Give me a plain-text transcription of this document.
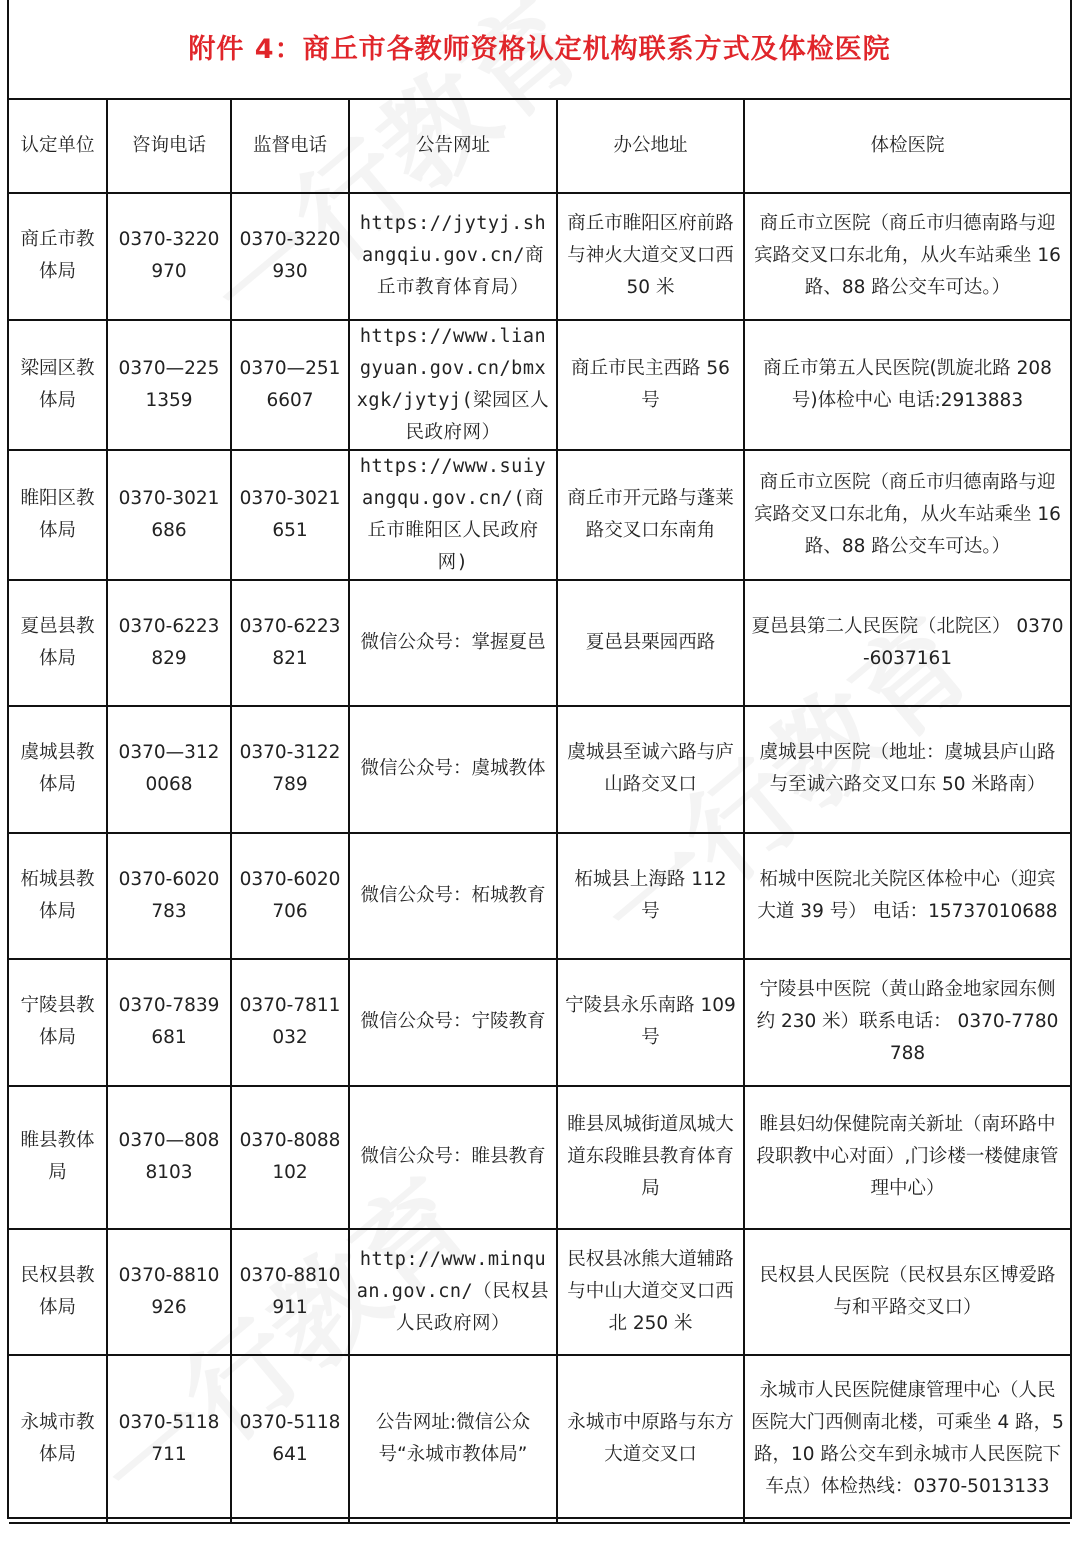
附件 4：商丘市各教师资格认定机构联系方式及体检医院
认定单位	咨询电话	监督电话	公告网址	办公地址	体检医院
商丘市教体局	0370-3220970	0370-3220930	https://jytyj.shangqiu.gov.cn/商丘市教育体育局）	商丘市睢阳区府前路与神火大道交叉口西 50 米	商丘市立医院（商丘市归德南路与迎宾路交叉口东北角，从火车站乘坐 16 路、88 路公交车可达。）
梁园区教体局	0370—2251359	0370—2516607	https://www.liangyuan.gov.cn/bmxxgk/jytyj(梁园区人民政府网）	商丘市民主西路 56 号	商丘市第五人民医院(凯旋北路 208 号)体检中心 电话:2913883
睢阳区教体局	0370-3021686	0370-3021651	https://www.suiyangqu.gov.cn/(商丘市睢阳区人民政府网)	商丘市开元路与蓬莱路交叉口东南角	商丘市立医院（商丘市归德南路与迎宾路交叉口东北角，从火车站乘坐 16 路、88 路公交车可达。）
夏邑县教体局	0370-6223829	0370-6223821	微信公众号：掌握夏邑	夏邑县栗园西路	夏邑县第二人民医院（北院区） 0370-6037161
虞城县教体局	0370—3120068	0370-3122789	微信公众号：虞城教体	虞城县至诚六路与庐山路交叉口	虞城县中医院（地址：虞城县庐山路与至诚六路交叉口东 50 米路南）
柘城县教体局	0370-6020783	0370-6020706	微信公众号：柘城教育	柘城县上海路 112 号	柘城中医院北关院区体检中心（迎宾大道 39 号） 电话：15737010688
宁陵县教体局	0370-7839681	0370-7811032	微信公众号：宁陵教育	宁陵县永乐南路 109 号	宁陵县中医院（黄山路金地家园东侧约 230 米）联系电话： 0370-7780788
睢县教体局	0370—8088103	0370-8088102	微信公众号：睢县教育	睢县凤城街道凤城大道东段睢县教育体育局	睢县妇幼保健院南关新址（南环路中段职教中心对面）,门诊楼一楼健康管理中心）
民权县教体局	0370-8810926	0370-8810911	http://www.minquan.gov.cn/（民权县人民政府网）	民权县冰熊大道辅路与中山大道交叉口西北 250 米	民权县人民医院（民权县东区博爱路与和平路交叉口）
永城市教体局	0370-5118711	0370-5118641	公告网址:微信公众号“永城市教体局”	永城市中原路与东方大道交叉口	永城市人民医院健康管理中心（人民医院大门西侧南北楼，可乘坐 4 路，5 路，10 路公交车到永城市人民医院下车点）体检热线：0370-5013133
